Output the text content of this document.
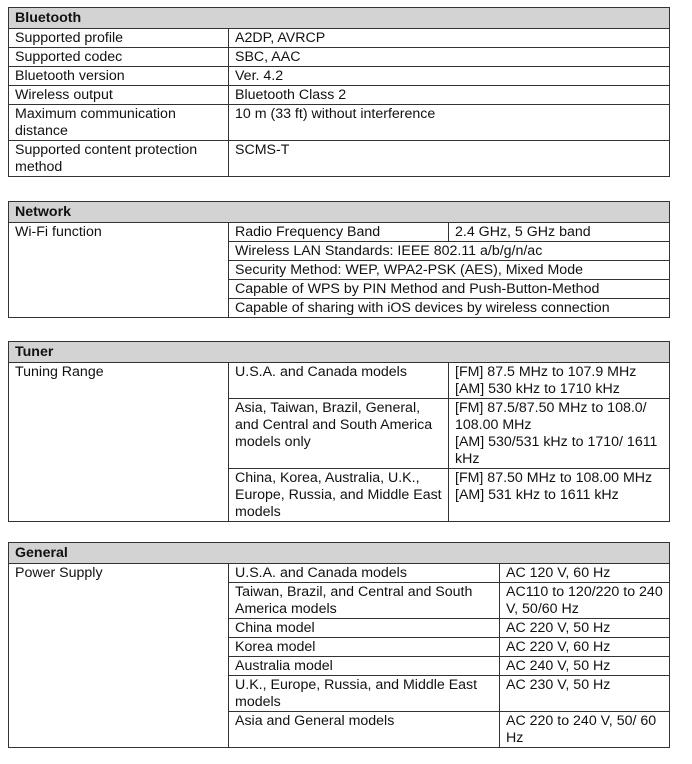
Bluetooth	
Supported profile	A2DP, AVRCP
Supported codec	SBC, AAC
Bluetooth version	Ver. 4.2
Wireless output	Bluetooth Class 2
Maximum communication distance	10 m (33 ft) without interference
Supported content protection method	SCMS-T
Network
Wi-Fi function	Radio Frequency Band	2.4 GHz, 5 GHz band
Wireless LAN Standards: IEEE 802.11 a/b/g/n/ac
Security Method: WEP, WPA2-PSK (AES), Mixed Mode
Capable of WPS by PIN Method and Push-Button-Method
Capable of sharing with iOS devices by wireless connection
Tuner		
Tuning Range	U.S.A. and Canada models	[FM] 87.5 MHz to 107.9 MHz
[AM] 530 kHz to 1710 kHz

	Asia, Taiwan, Brazil, General, and Central and South America models only	[FM] 87.5/87.50 MHz to 108.0/ 108.00 MHz
[AM] 530/531 kHz to 1710/ 1611 kHz

	China, Korea, Australia, U.K., Europe, Russia, and Middle East models	[FM] 87.50 MHz to 108.00 MHz
[AM] 531 kHz to 1611 kHz
General		
Power Supply	U.S.A. and Canada models	AC 120 V, 60 Hz
	Taiwan, Brazil, and Central and South America models	AC110 to 120/220 to 240 V, 50/60 Hz
	China model	AC 220 V, 50 Hz
	Korea model	AC 220 V, 60 Hz
	Australia model	AC 240 V, 50 Hz
	U.K., Europe, Russia, and Middle East models	AC 230 V, 50 Hz
	Asia and General models	AC 220 to 240 V, 50/ 60 Hz
